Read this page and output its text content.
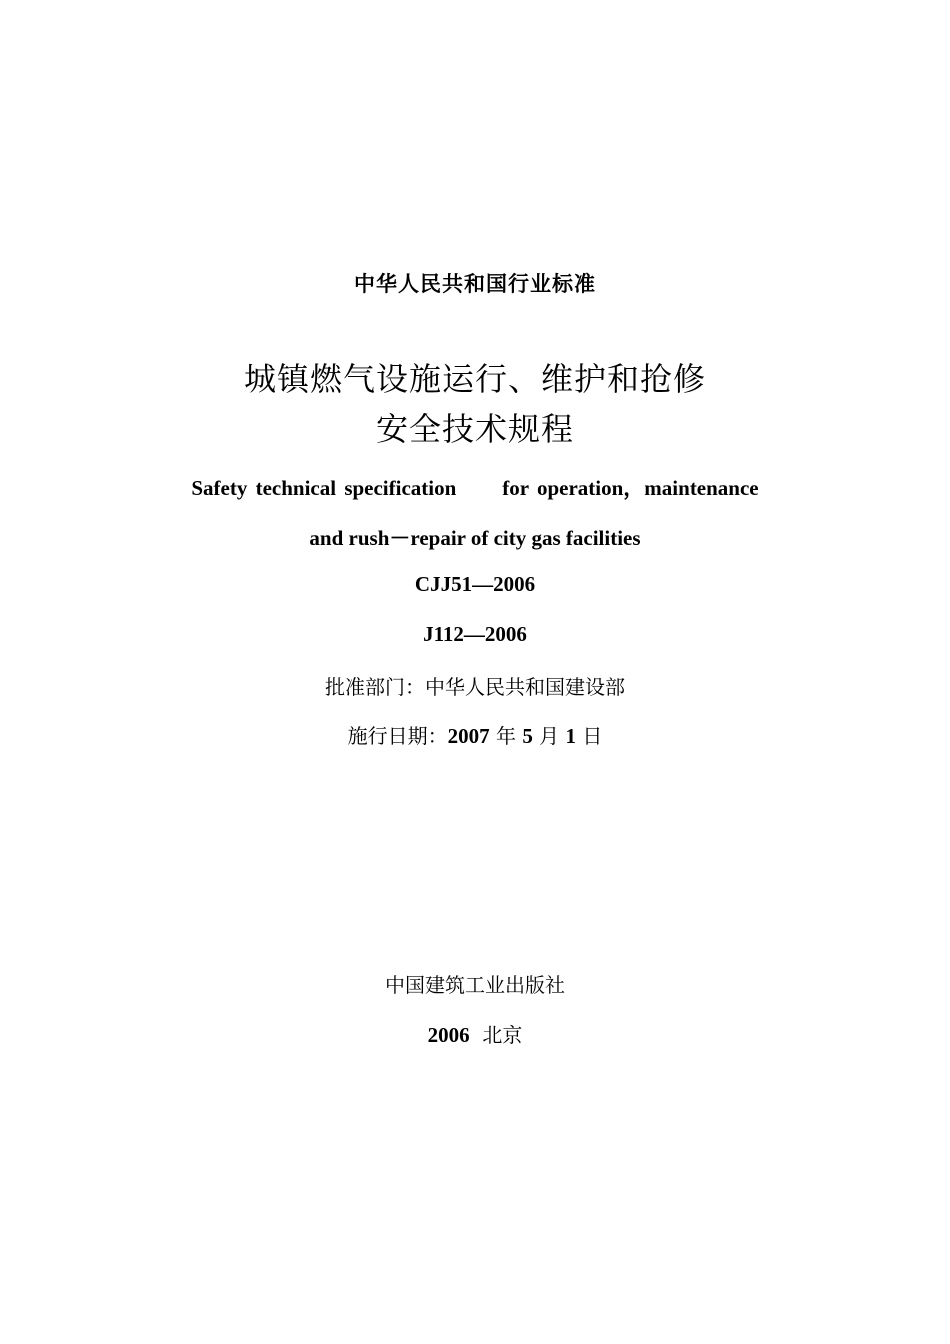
中华人民共和国行业标准
城镇燃气设施运行、维护和抢修
安全技术规程
Safety technical specification for operation，maintenance
and rush－repair of city gas facilities
CJJ51—2006
J112—2006
批准部门：中华人民共和国建设部
施行日期：2007 年 5 月 1 日
中国建筑工业出版社
2006  北京
